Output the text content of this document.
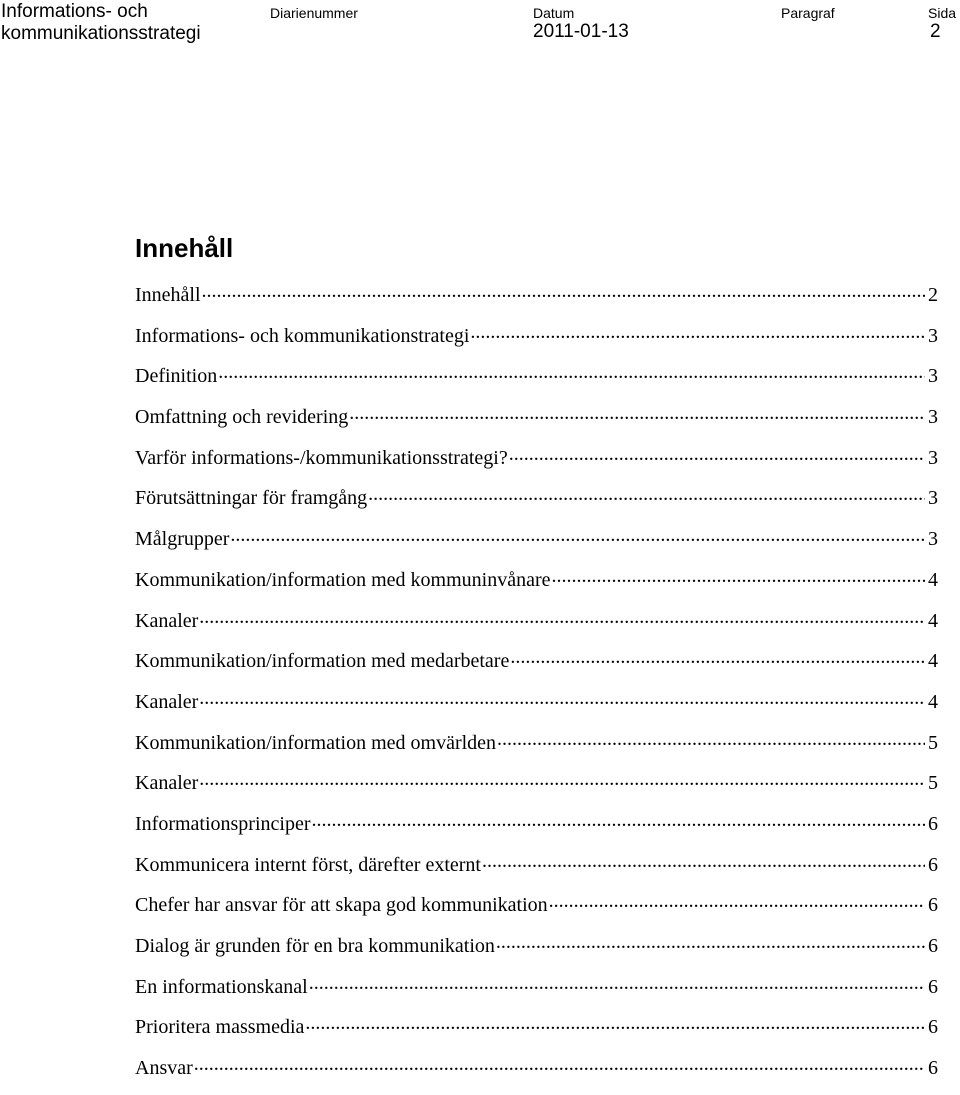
Informations- och
kommunikationsstrategi
Diarienummer	Datum
2011-01-13
Paragraf	Sida
2
Innehåll
Innehåll .....	2
Informations- och kommunikationstrategi .....	3
Definition .....	3
Omfattning och revidering .....	3
Varför informations-/kommunikationsstrategi? .....	3
Förutsättningar för framgång .....	3
Målgrupper .....	3
Kommunikation/information med kommuninvånare .....	4
Kanaler .....	4
Kommunikation/information med medarbetare .....	4
Kanaler .....	4
Kommunikation/information med omvärlden .....	5
Kanaler .....	5
Informationsprinciper .....	6
Kommunicera internt först, därefter externt .....	6
Chefer har ansvar för att skapa god kommunikation .....	6
Dialog är grunden för en bra kommunikation .....	6
En informationskanal .....	6
Prioritera massmedia .....	6
Ansvar .....	6
